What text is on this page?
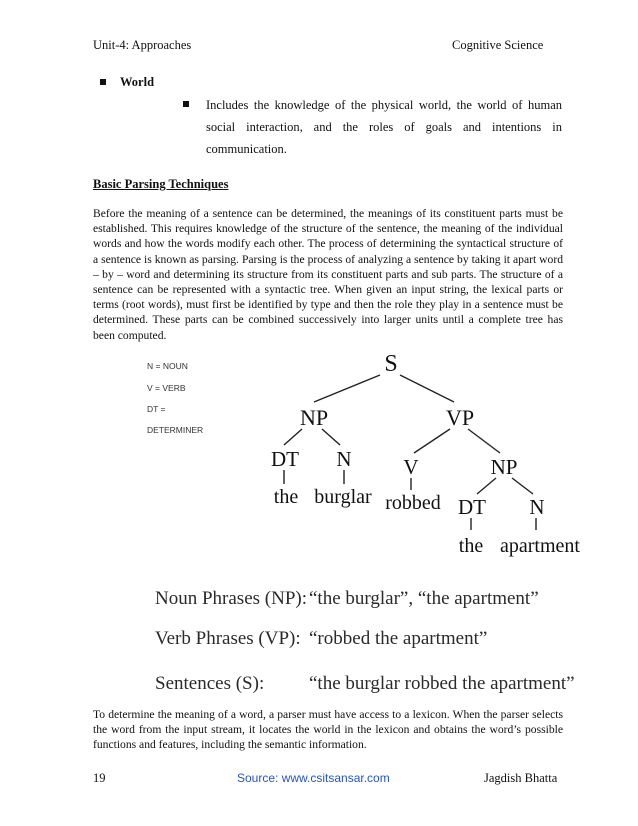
Unit-4: Approaches	Cognitive Science
World
Includes the knowledge of the physical world, the world of human
social interaction, and the roles of goals and intentions in
communication.
Basic Parsing Techniques
Before the meaning of a sentence can be determined, the meanings of its constituent parts must be established. This requires knowledge of the structure of the sentence, the meaning of the individual words and how the words modify each other. The process of determining the syntactical structure of a sentence is known as parsing. Parsing is the process of analyzing a sentence by taking it apart word – by – word and determining its structure from its constituent parts and sub parts. The structure of a sentence can be represented with a syntactic tree. When given an input string, the lexical parts or terms (root words), must first be identified by type and then the role they play in a sentence must be determined. These parts can be combined successively into larger units until a complete tree has been computed.
N = NOUN
V = VERB
DT =
DETERMINER
S
NP	VP
DT N V	NP
DT N
the burglar robbed
the apartment
Noun Phrases (NP): “the burglar”, “the apartment”
Verb Phrases (VP): “robbed the apartment”
Sentences (S): “the burglar robbed the apartment”
To determine the meaning of a word, a parser must have access to a lexicon. When the parser selects the word from the input stream, it locates the world in the lexicon and obtains the word’s possible functions and features, including the semantic information.
19	Source: www.csitsansar.com	Jagdish Bhatta
